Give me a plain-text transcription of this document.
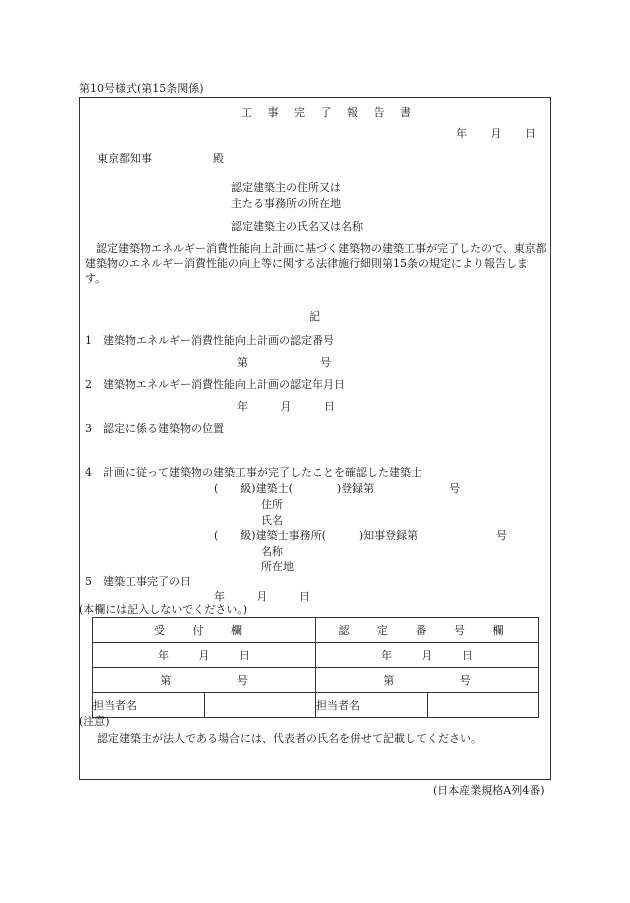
第10号様式(第15条関係)
工 事 完 了 報 告 書
年 月 日
東京都知事	殿
認定建築主の住所又は
主たる事務所の所在地
認定建築主の氏名又は名称
認定建築物エネルギー消費性能向上計画に基づく建築物の建築工事が完了したので、東京都建築物のエネルギー消費性能の向上等に関する法律施行細則第15条の規定により報告します。
記
1 建築物エネルギー消費性能向上計画の認定番号
第	号
2 建築物エネルギー消費性能向上計画の認定年月日
年	月	日
3 認定に係る建築物の位置
4 計画に従って建築物の建築工事が完了したことを確認した建築士
(　　級)建築士(　　　　)登録第	号
住所
氏名
(　　級)建築士事務所(　　　)知事登録第	号
名称
所在地
5 建築工事完了の日
年	月	日
(本欄には記入しないでください。)
受 付 欄		認 定 番 号 欄	
年 月 日		年 月 日	
第 号		第 号	
担当者名		担当者名	
(注意)
認定建築主が法人である場合には、代表者の氏名を併せて記載してください。
(日本産業規格A列4番)
